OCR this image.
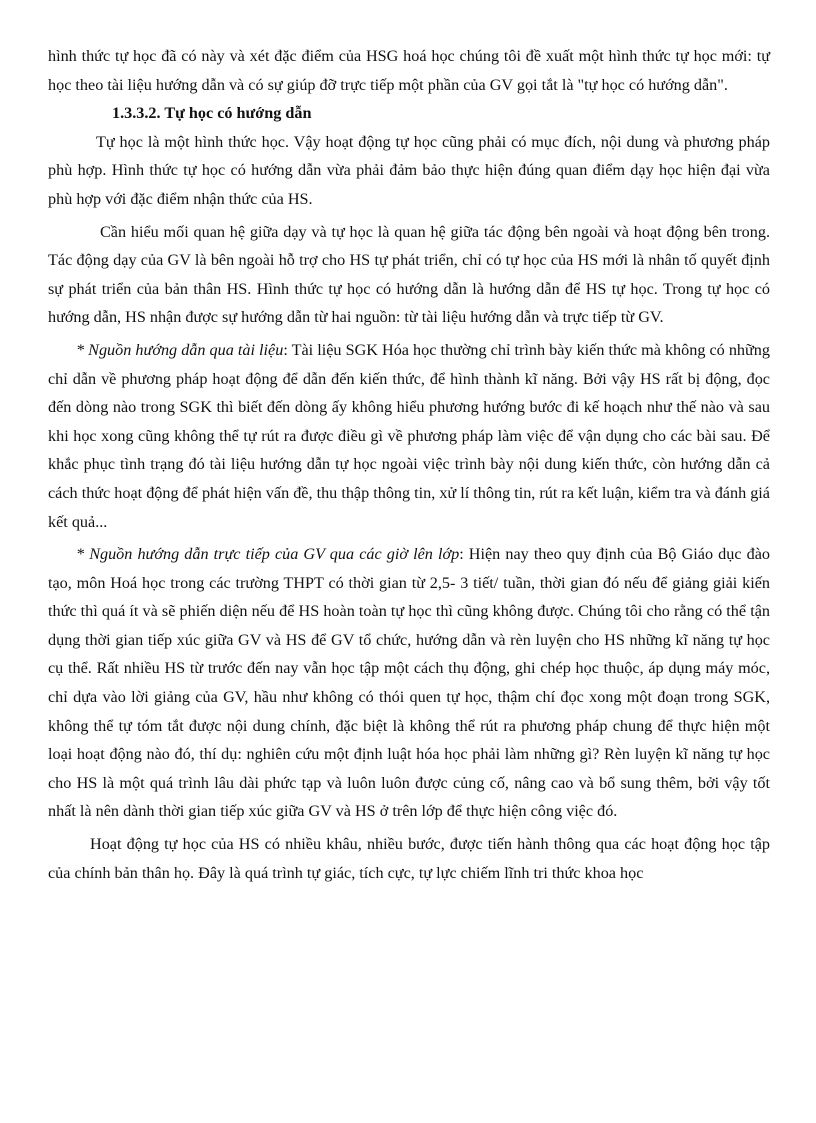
hình thức tự học đã có này và xét đặc điểm của HSG hoá học chúng tôi đề xuất một hình thức tự học mới: tự học theo tài liệu hướng dẫn và có sự giúp đỡ trực tiếp một phần của GV gọi tắt là "tự học có hướng dẫn".

1.3.3.2. Tự học có hướng dẫn

Tự học là một hình thức học. Vậy hoạt động tự học cũng phải có mục đích, nội dung và phương pháp phù hợp. Hình thức tự học có hướng dẫn vừa phải đảm bảo thực hiện đúng quan điểm dạy học hiện đại vừa phù hợp với đặc điểm nhận thức của HS.

Cần hiểu mối quan hệ giữa dạy và tự học là quan hệ giữa tác động bên ngoài và hoạt động bên trong. Tác động dạy của GV là bên ngoài hỗ trợ cho HS tự phát triển, chỉ có tự học của HS mới là nhân tố quyết định sự phát triển của bản thân HS. Hình thức tự học có hướng dẫn là hướng dẫn để HS tự học. Trong tự học có hướng dẫn, HS nhận được sự hướng dẫn từ hai nguồn: từ tài liệu hướng dẫn và trực tiếp từ GV.

* Nguồn hướng dẫn qua tài liệu: Tài liệu SGK Hóa học thường chỉ trình bày kiến thức mà không có những chỉ dẫn về phương pháp hoạt động để dẫn đến kiến thức, để hình thành kĩ năng. Bởi vậy HS rất bị động, đọc đến dòng nào trong SGK thì biết đến dòng ấy không hiểu phương hướng bước đi kế hoạch như thế nào và sau khi học xong cũng không thể tự rút ra được điều gì về phương pháp làm việc để vận dụng cho các bài sau. Để khắc phục tình trạng đó tài liệu hướng dẫn tự học ngoài việc trình bày nội dung kiến thức, còn hướng dẫn cả cách thức hoạt động để phát hiện vấn đề, thu thập thông tin, xử lí thông tin, rút ra kết luận, kiểm tra và đánh giá kết quả...

* Nguồn hướng dẫn trực tiếp của GV qua các giờ lên lớp: Hiện nay theo quy định của Bộ Giáo dục đào tạo, môn Hoá học trong các trường THPT có thời gian từ 2,5- 3 tiết/ tuần, thời gian đó nếu để giảng giải kiến thức thì quá ít và sẽ phiến diện nếu để HS hoàn toàn tự học thì cũng không được. Chúng tôi cho rằng có thể tận dụng thời gian tiếp xúc giữa GV và HS để GV tổ chức, hướng dẫn và rèn luyện cho HS những kĩ năng tự học cụ thể. Rất nhiều HS từ trước đến nay vẫn học tập một cách thụ động, ghi chép học thuộc, áp dụng máy móc, chỉ dựa vào lời giảng của GV, hầu như không có thói quen tự học, thậm chí đọc xong một đoạn trong SGK, không thể tự tóm tắt được nội dung chính, đặc biệt là không thể rút ra phương pháp chung để thực hiện một loại hoạt động nào đó, thí dụ: nghiên cứu một định luật hóa học phải làm những gì? Rèn luyện kĩ năng tự học cho HS là một quá trình lâu dài phức tạp và luôn luôn được củng cố, nâng cao và bổ sung thêm, bởi vậy tốt nhất là nên dành thời gian tiếp xúc giữa GV và HS ở trên lớp để thực hiện công việc đó.

Hoạt động tự học của HS có nhiều khâu, nhiều bước, được tiến hành thông qua các hoạt động học tập của chính bản thân họ. Đây là quá trình tự giác, tích cực, tự lực chiếm lĩnh tri thức khoa học
